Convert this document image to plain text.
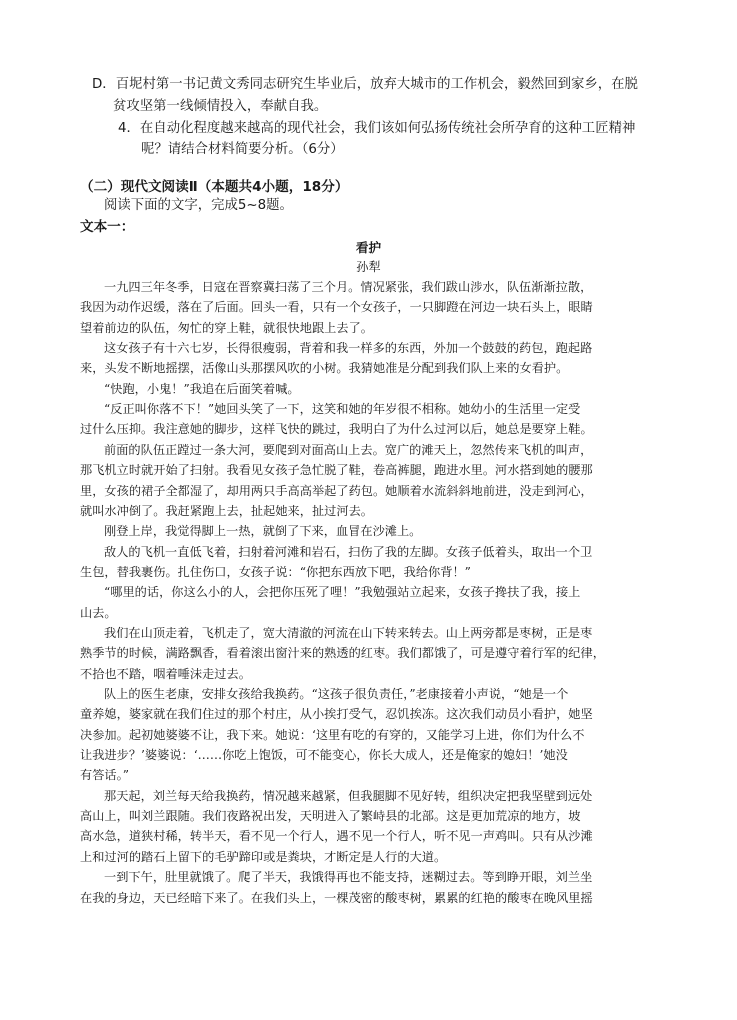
D．百坭村第一书记黄文秀同志研究生毕业后，放弃大城市的工作机会，毅然回到家乡，在脱
贫攻坚第一线倾情投入，奉献自我。
4．在自动化程度越来越高的现代社会，我们该如何弘扬传统社会所孕育的这种工匠精神
呢？请结合材料简要分析。（6分）
（二）现代文阅读Ⅱ（本题共4小题，18分）
阅读下面的文字，完成5~8题。
文本一：
看护
孙犁
一九四三年冬季，日寇在晋察冀扫荡了三个月。情况紧张，我们跋山涉水，队伍渐渐拉散，
我因为动作迟缓，落在了后面。回头一看，只有一个女孩子，一只脚蹬在河边一块石头上，眼睛
望着前边的队伍，匆忙的穿上鞋，就很快地跟上去了。
这女孩子有十六七岁，长得很瘦弱，背着和我一样多的东西，外加一个鼓鼓的药包，跑起路
来，头发不断地摇摆，活像山头那摆风吹的小树。我猜她准是分配到我们队上来的女看护。
“快跑，小鬼！”我追在后面笑着喊。
“反正叫你落不下！”她回头笑了一下，这笑和她的年岁很不相称。她幼小的生活里一定受
过什么压抑。我注意她的脚步，这样飞快的跳过，我明白了为什么过河以后，她总是要穿上鞋。
前面的队伍正蹚过一条大河，要爬到对面高山上去。宽广的滩天上，忽然传来飞机的叫声，
那飞机立时就开始了扫射。我看见女孩子急忙脱了鞋，卷高裤腿，跑进水里。河水搭到她的腰那
里，女孩的裙子全都湿了，却用两只手高高举起了药包。她顺着水流斜斜地前进，没走到河心，
就叫水冲倒了。我赶紧跑上去，扯起她来，扯过河去。
刚登上岸，我觉得脚上一热，就倒了下来，血冒在沙滩上。
敌人的飞机一直低飞着，扫射着河滩和岩石，扫伤了我的左脚。女孩子低着头，取出一个卫
生包，替我裹伤。扎住伤口，女孩子说：“你把东西放下吧，我给你背！”
“哪里的话，你这么小的人，会把你压死了哩！”我勉强站立起来，女孩子搀扶了我，接上
山去。
我们在山顶走着，飞机走了，宽大清澈的河流在山下转来转去。山上两旁都是枣树，正是枣
熟季节的时候，满路飘香，看着滚出窗汁来的熟透的红枣。我们都饿了，可是遵守着行军的纪律，
不拾也不踏，咽着唾沫走过去。
队上的医生老康，安排女孩给我换药。“这孩子很负责任，”老康接着小声说，“她是一个
童养媳，婆家就在我们住过的那个村庄，从小挨打受气，忍饥挨冻。这次我们动员小看护，她坚
决参加。起初她婆婆不让，我下来。她说：‘这里有吃的有穿的，又能学习上进，你们为什么不
让我进步？’婆婆说：‘……你吃上饱饭，可不能变心，你长大成人，还是俺家的媳妇！’她没
有答话。”
那天起，刘兰每天给我换药，情况越来越紧，但我腿脚不见好转，组织决定把我坚壁到远处
高山上，叫刘兰跟随。我们夜路祝出发，天明进入了繁峙县的北部。这是更加荒凉的地方，坡
高水急，道狭村稀，转半天，看不见一个行人，遇不见一个行人，听不见一声鸡叫。只有从沙滩
上和过河的踏石上留下的毛驴蹄印或是粪块，才断定是人行的大道。
一到下午，肚里就饿了。爬了半天，我饿得再也不能支持，迷糊过去。等到睁开眼，刘兰坐
在我的身边，天已经暗下来了。在我们头上，一棵茂密的酸枣树，累累的红艳的酸枣在晚风里摇
